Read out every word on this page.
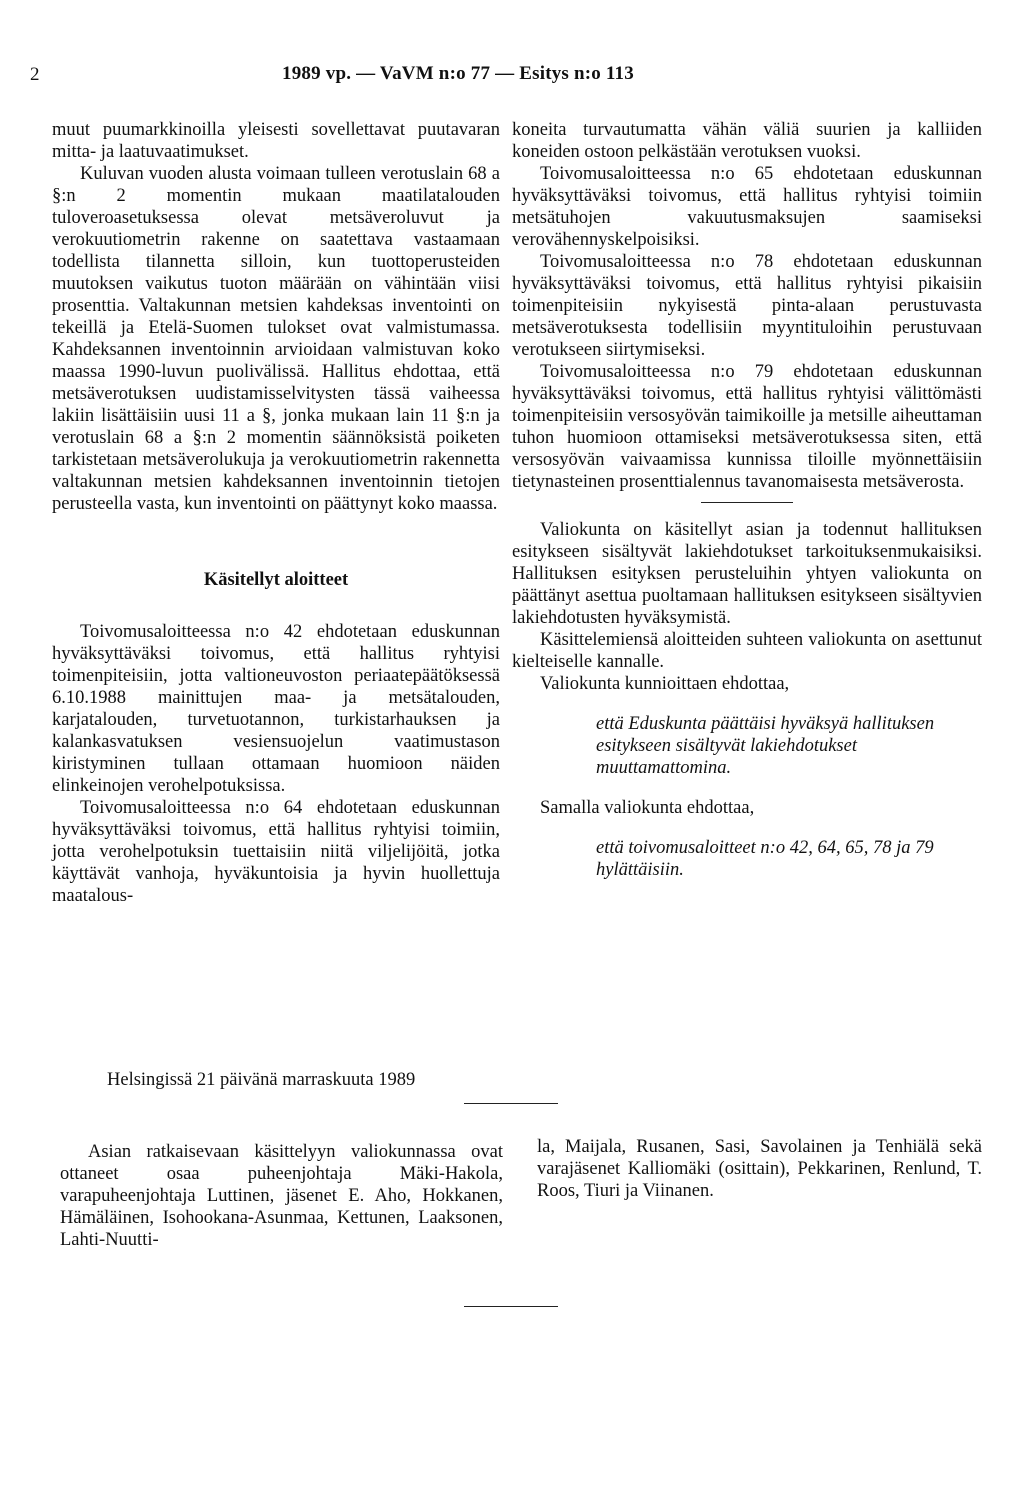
2	1989 vp. — VaVM n:o 77 — Esitys n:o 113

muut puumarkkinoilla yleisesti sovellettavat puutavaran mitta- ja laatuvaatimukset.

Kuluvan vuoden alusta voimaan tulleen verotuslain 68 a §:n 2 momentin mukaan maatilatalouden tuloveroasetuksessa olevat metsäveroluvut ja verokuutiometrin rakenne on saatettava vastaamaan todellista tilannetta silloin, kun tuottoperusteiden muutoksen vaikutus tuoton määrään on vähintään viisi prosenttia. Valtakunnan metsien kahdeksas inventointi on tekeillä ja Etelä-Suomen tulokset ovat valmistumassa. Kahdeksannen inventoinnin arvioidaan valmistuvan koko maassa 1990-luvun puolivälissä. Hallitus ehdottaa, että metsäverotuksen uudistamisselvitysten tässä vaiheessa lakiin lisättäisiin uusi 11 a §, jonka mukaan lain 11 §:n ja verotuslain 68 a §:n 2 momentin säännöksistä poiketen tarkistetaan metsäverolukuja ja verokuutiometrin rakennetta valtakunnan metsien kahdeksannen inventoinnin tietojen perusteella vasta, kun inventointi on päättynyt koko maassa.

Käsitellyt aloitteet

Toivomusaloitteessa n:o 42 ehdotetaan eduskunnan hyväksyttäväksi toivomus, että hallitus ryhtyisi toimenpiteisiin, jotta valtioneuvoston periaatepäätöksessä 6.10.1988 mainittujen maa- ja metsätalouden, karjatalouden, turvetuotannon, turkistarhauksen ja kalankasvatuksen vesiensuojelun vaatimustason kiristyminen tullaan ottamaan huomioon näiden elinkeinojen verohelpotuksissa.

Toivomusaloitteessa n:o 64 ehdotetaan eduskunnan hyväksyttäväksi toivomus, että hallitus ryhtyisi toimiin, jotta verohelpotuksin tuettaisiin niitä viljelijöitä, jotka käyttävät vanhoja, hyväkuntoisia ja hyvin huollettuja maatalous-

koneita turvautumatta vähän väliä suurien ja kalliiden koneiden ostoon pelkästään verotuksen vuoksi.

Toivomusaloitteessa n:o 65 ehdotetaan eduskunnan hyväksyttäväksi toivomus, että hallitus ryhtyisi toimiin metsätuhojen vakuutusmaksujen saamiseksi verovähennyskelpoisiksi.

Toivomusaloitteessa n:o 78 ehdotetaan eduskunnan hyväksyttäväksi toivomus, että hallitus ryhtyisi pikaisiin toimenpiteisiin nykyisestä pinta-alaan perustuvasta metsäverotuksesta todellisiin myyntituloihin perustuvaan verotukseen siirtymiseksi.

Toivomusaloitteessa n:o 79 ehdotetaan eduskunnan hyväksyttäväksi toivomus, että hallitus ryhtyisi välittömästi toimenpiteisiin versosyövän taimikoille ja metsille aiheuttaman tuhon huomioon ottamiseksi metsäverotuksessa siten, että versosyövän vaivaamissa kunnissa tiloille myönnettäisiin tietynasteinen prosenttialennus tavanomaisesta metsäverosta.

Valiokunta on käsitellyt asian ja todennut hallituksen esitykseen sisältyvät lakiehdotukset tarkoituksenmukaisiksi. Hallituksen esityksen perusteluihin yhtyen valiokunta on päättänyt asettua puoltamaan hallituksen esitykseen sisältyvien lakiehdotusten hyväksymistä.

Käsittelemiensä aloitteiden suhteen valiokunta on asettunut kielteiselle kannalle.

Valiokunta kunnioittaen ehdottaa,

että Eduskunta päättäisi hyväksyä hallituksen esitykseen sisältyvät lakiehdotukset muuttamattomina.

Samalla valiokunta ehdottaa,

että toivomusaloitteet n:o 42, 64, 65, 78 ja 79 hylättäisiin.

Helsingissä 21 päivänä marraskuuta 1989
Asian ratkaisevaan käsittelyyn valiokunnassa ovat ottaneet osaa puheenjohtaja Mäki-Hakola, varapuheenjohtaja Luttinen, jäsenet E. Aho, Hokkanen, Hämäläinen, Isohookana-Asunmaa, Kettunen, Laaksonen, Lahti-Nuutti-
la, Maijala, Rusanen, Sasi, Savolainen ja Tenhiälä sekä varajäsenet Kalliomäki (osittain), Pekkarinen, Renlund, T. Roos, Tiuri ja Viinanen.
